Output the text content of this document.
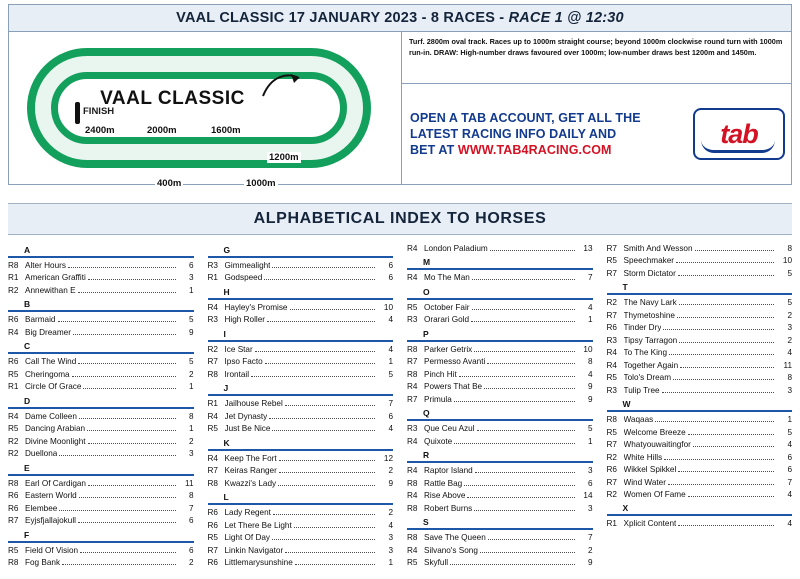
VAAL CLASSIC 17 JANUARY 2023 - 8 RACES - RACE 1 @ 12:30
VAAL CLASSIC
FINISH
2400m	2000m	1600m
1200m
400m	1000m
Turf. 2800m oval track. Races up to 1000m straight course; beyond 1000m clockwise round turn with 1000m run-in. DRAW: High-number draws favoured over 1000m; low-number draws best 1200m and 1450m.
OPEN A TAB ACCOUNT, GET ALL THE
LATEST RACING INFO DAILY AND
BET AT WWW.TAB4RACING.COM
tab
ALPHABETICAL INDEX TO HORSES
A
R8 Alter Hours	6
R1 American Graffiti	3
R2 Annewithan E	1
B
R6 Barmaid	5
R4 Big Dreamer	9
C
R6 Call The Wind	5
R5 Cheringoma	2
R1 Circle Of Grace	1
D
R4 Dame Colleen	8
R5 Dancing Arabian	1
R2 Divine Moonlight	2
R2 Duellona	3
E
R8 Earl Of Cardigan	11
R6 Eastern World	8
R6 Elembee	7
R7 Eyjsfjallajokull	6
F
R5 Field Of Vision	6
R8 Fog Bank	2
G
R3 Gimmealight	6
R1 Godspeed	6
H
R4 Hayley's Promise	10
R3 High Roller	4
I
R2 Ice Star	4
R7 Ipso Facto	1
R8 Irontail	5
J
R1 Jailhouse Rebel	7
R4 Jet Dynasty	6
R5 Just Be Nice	4
K
R4 Keep The Fort	12
R7 Keiras Ranger	2
R8 Kwazzi's Lady	9
L
R6 Lady Regent	2
R6 Let There Be Light	4
R5 Light Of Day	3
R7 Linkin Navigator	3
R6 Littlemarysunshine	1
R4 London Paladium	13
M
R4 Mo The Man	7
O
R5 October Fair	4
R3 Orarari Gold	1
P
R8 Parker Getrix	10
R7 Permesso Avanti	8
R8 Pinch Hit	4
R4 Powers That Be	9
R7 Primula	9
Q
R3 Que Ceu Azul	5
R4 Quixote	1
R
R4 Raptor Island	3
R8 Rattle Bag	6
R4 Rise Above	14
R8 Robert Burns	3
S
R8 Save The Queen	7
R4 Silvano's Song	2
R5 Skyfull	9
R7 Smith And Wesson	8
R5 Speechmaker	10
R7 Storm Dictator	5
T
R2 The Navy Lark	5
R7 Thymetoshine	2
R6 Tinder Dry	3
R3 Tipsy Tarragon	2
R4 To The King	4
R4 Together Again	11
R5 Tolo's Dream	8
R3 Tulip Tree	3
W
R8 Waqaas	1
R5 Welcome Breeze	5
R7 Whatyouwaitingfor	4
R2 White Hills	6
R6 Wikkel Spikkel	6
R7 Wind Water	7
R2 Women Of Fame	4
X
R1 Xplicit Content	4
